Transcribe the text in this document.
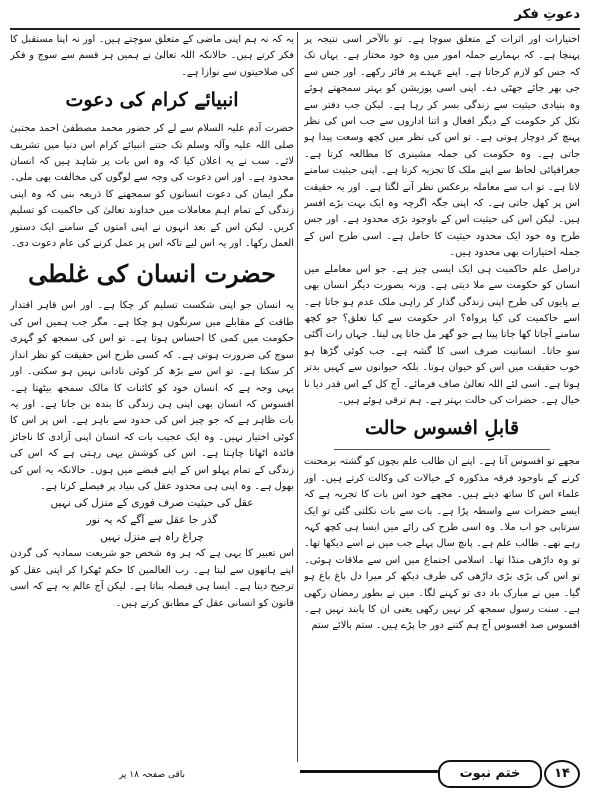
دعوتِ فکر

اختیارات اور اثرات کے متعلق سوچا ہے۔ تو بالآخر اسی نتیجہ پر پہنچا ہے۔ کہ بہماریے جملہ امور میں وہ خود مختار ہے۔ یہاں تک کہ جس کو لازم کرجاتا ہے۔ اپنے عہدے پر فائز رکھے۔ اور جس سے جی بھر جائے جھٹی دے۔ اپنی اسی پوزیشن کو بہتر سمجھتے ہوئے وہ بنیادی حیثیت سے زندگی بسر کر رہا ہے۔ لیکن جب دفتر سے نکل کر حکومت کے دیگر افعال و اتنا اداروں سے جب اس کی نظر پہنچ کر دوچار ہوتی ہے۔ تو اس کی نظر میں کچھ وسعت پیدا ہو جاتی ہے۔ وہ حکومت کی جملہ مشینری کا مطالعہ کرتا ہے۔ جغرافیائی لحاظ سے اپنے ملک کا تجزیہ کرتا ہے۔ اپنی حیثیت سامنے لاتا ہے۔ تو اب سے معاملہ برعکس نظر آنے لگتا ہے۔ اور یہ حقیقت اس پر کھل جاتی ہے۔ کہ اپنی جگہ اگرچہ وہ ایک بہت بڑے افسر ہیں۔ لیکن اس کی حیثیت اس کے باوجود بڑی محدود ہے۔ اور جس طرح وہ خود ایک محدود حیثیت کا حامل ہے۔ اسی طرح اس کے جملہ اختیارات بھی محدود ہیں۔

دراصل علم حاکمیت ہی ایک ایسی چیز ہے۔ جو اس معاملے میں انسان کو حکومت سے ملا دیتی ہے۔ ورنہ بصورت دیگر انسان بھی بے پایوں کی طرح اپنی زندگی گذار کر راہی ملک عدم ہو جاتا ہے۔ اسے حاکمیت کی کیا پرواہ؟ ادر حکومت سے کیا تعلق؟ جو کچھ سامنے آجاتا کھا جاتا پیتا ہے جو گھر مل جاتا پی لیتا۔ جہاں رات آگئی سو جاتا۔ انسانیت صرف اسی کا گشہ ہے۔ جب کوئی گڑھا ہو خوب حقیقت میں اس کو حیوان ہوتا۔ بلکہ حیوانوں سے کہیں بدتر ہوتا ہے۔ اسی لئے اللہ تعالیٰ صاف فرمائے۔ آج کل کے اس قدر دیا نا خیال ہے۔ حضرات کی حالت بہتر ہے۔ ہم ترقی ہوئے ہیں۔

قابلِ افسوس حالت

مجھے تو افسوس آتا ہے۔ اپنے ان طالب علم بچوں کو گشتہ برمحنت کرنے کے باوجود فرقہ مذکورہ کے خیالات کی وکالت کرتے ہیں۔ اور علماء اس کا ساتھ دیتے ہیں۔ مجھے خود اس بات کا تجربہ ہے کہ ایسے حضرات سے واسطہ پڑا ہے۔ بات سے بات نکلتی گئی تو ایک سرتابی جو اب ملا۔ وہ اسی طرح کی رائے میں ایسا ہی کچھ کہہ رہے تھے۔ طالب علم ہے۔ پانچ سال پہلے جب میں نے اسے دیکھا تھا۔ تو وہ داڑھی منڈا تھا۔ اسلامی اجتماع میں اس سے ملاقات ہوئی۔ تو اس کی بڑی بڑی داڑھی کی طرف دیکھ کر میرا دل باغ باغ ہو گیا۔ میں نے مبارک باد دی تو کہنے لگا۔ میں نے بطور رمضان رکھی ہے۔ سنت رسول سمجھ کر نہیں رکھی یعنی ان کا پابند نہیں ہے۔ افسوس صد افسوس آج ہم کتنے دور جا پڑے ہیں۔ ستم بالائے ستم

یہ کہ نہ ہم اپنی ماضی کے متعلق سوچتے ہیں۔ اور نہ اپنا مستقبل کا فکر کرتے ہیں۔ حالانکہ اللہ تعالیٰ نے ہمیں ہر قسم سے سوچ و فکر کی صلاحیتوں سے نوازا ہے۔

انبیائے کرام کی دعوت

حضرت آدم علیہ السلام سے لے کر حضور محمد مصطفیٰ احمد مجتبیٰ صلی اللہ علیہ وآلہ وسلم تک جتنے انبیائے کرام اس دنیا میں تشریف لائے۔ سب نے یہ اعلان کیا کہ وہ اس بات پر شاہد ہیں کہ انسان محدود ہے۔ اور اس دعوت کی وجہ سے لوگوں کی مخالفت بھی ملی۔ مگر ایمان کی دعوت انسانوں کو سمجھنے کا ذریعہ بنی کہ وہ اپنی زندگی کے تمام اہم معاملات میں خداوند تعالیٰ کی حاکمیت کو تسلیم کریں۔ لیکن اس کے بعد انہوں نے اپنی امتوں کے سامنے ایک دستور العمل رکھا۔ اور یہ اس لیے تاکہ اس پر عمل کرنے کی عام دعوت دی۔

حضرت انسان کی غلطی

یہ انسان جو اپنی شکست تسلیم کر چکا ہے۔ اور اس قاہر اقتدار طاقت کے مقابلے میں سرنگوں ہو چکا ہے۔ مگر جب ہمیں اس کی حکومت میں کمی کا احساس ہوتا ہے۔ تو اس کی سمجھ کو گہری سوچ کی ضرورت ہوتی ہے۔ کہ کسی طرح اس حقیقت کو نظر انداز کر سکتا ہے۔ تو اس سے بڑھ کر کوئی نادانی نہیں ہو سکتی۔ اور یہی وجہ ہے کہ انسان خود کو کائنات کا مالک سمجھ بیٹھتا ہے۔ افسوس کہ انسان بھی اپنی ہی زندگی کا بندہ بن جاتا ہے۔ اور یہ بات ظاہر ہے کہ جو چیز اس کی حدود سے باہر ہے۔ اس پر اس کا کوئی اختیار نہیں۔ وہ ایک عجیب بات کہ انسان اپنی آزادی کا ناجائز فائدہ اٹھانا چاہتا ہے۔ اس کی کوشش یہی رہتی ہے کہ اس کی زندگی کے تمام پہلو اس کے اپنے قبضے میں ہوں۔ حالانکہ یہ اس کی بھول ہے۔ وہ اپنی ہی محدود عقل کی بنیاد پر فیصلے کرتا ہے۔

عقل کی حیثیت صرف فوری کے منزل کی نہیں
گذر جا عقل سے آگے کہ یہ نور
چراغ راہ ہے منزل نہیں

اس تعبیر کا یہی ہے کہ ہر وہ شخص جو شریعت سمادیہ کی گردن اپنے ہاتھوں سے لیتا ہے۔ رب العالمین کا حکم ٹھکرا کر اپنی عقل کو ترجیح دیتا ہے۔ ایسا ہی فیصلہ بناتا ہے۔ لیکن آج عالم یہ ہے کہ اسی قانون کو انسانی عقل کے مطابق کرتے ہیں۔

باقی صفحہ ۱۸ پر	ختم نبوت	۱۴
